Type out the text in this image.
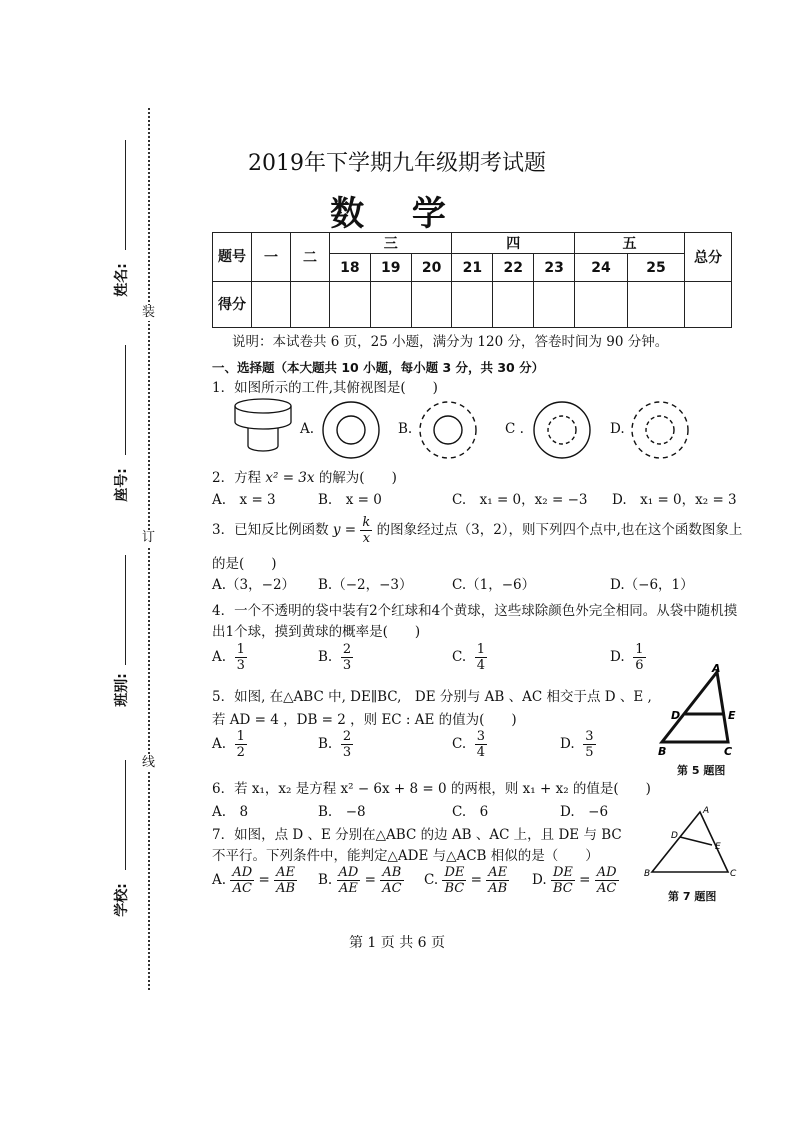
装
订
线
姓名:
座号:
班别:
学校:
2019年下学期九年级期考试题
数 学
题号	一	二	三			四			五		总分
			18	19	20	21	22	23	24	25	
得分											
说明：本试卷共 6 页，25 小题，满分为 120 分，答卷时间为 90 分钟。
一、选择题（本大题共 10 小题，每小题 3 分，共 30 分）
1．如图所示的工件,其俯视图是(　　)
A.	B.	C .	D.
2．方程 x² = 3x 的解为(　　)
A.　x = 3	B.　x = 0	C.　x₁ = 0，x₂ = −3 D.　x₁ = 0，x₂ = 3
3．已知反比例函数 $y = \frac{k}{x}$ 的图象经过点（3，2），则下列四个点中,也在这个函数图象上
的是(　　)
A.（3，−2） B.（−2，−3）	C.（1，−6）	D.（−6，1）
4．一个不透明的袋中装有2个红球和4个黄球，这些球除颜色外完全相同。从袋中随机摸
出1个球，摸到黄球的概率是(　　)
A. $\frac{1}{3}$	B. $\frac{2}{3}$	C. $\frac{1}{4}$	D. $\frac{1}{6}$
5．如图, 在△ABC 中, DE∥BC,　DE 分别与 AB 、AC 相交于点 D 、E ,
若 AD = 4 ，DB = 2 ，则 EC : AE 的值为(　　)
A. $\frac{1}{2}$	B. $\frac{2}{3}$	C. $\frac{3}{4}$	D. $\frac{3}{5}$
A
D	E
B	C
第 5 题图
6．若 x₁，x₂ 是方程 x² − 6x + 8 = 0 的两根，则 x₁ + x₂ 的值是(　　)
A.　8	B.　−8	C.　6	D.　−6
7．如图，点 D 、E 分别在△ABC 的边 AB 、AC 上，且 DE 与 BC
不平行。下列条件中，能判定△ADE 与△ACB 相似的是（　　）
A. $\frac{AD}{AC} = \frac{AE}{AB} B$. $\frac{AD}{AE} = \frac{AB}{AC} C$. $\frac{DE}{BC} = \frac{AE}{AB} D$. $\frac{DE}{BC} = \frac{AD}{AC}$
A
D
E
B	C
第 7 题图
第 1 页 共 6 页
